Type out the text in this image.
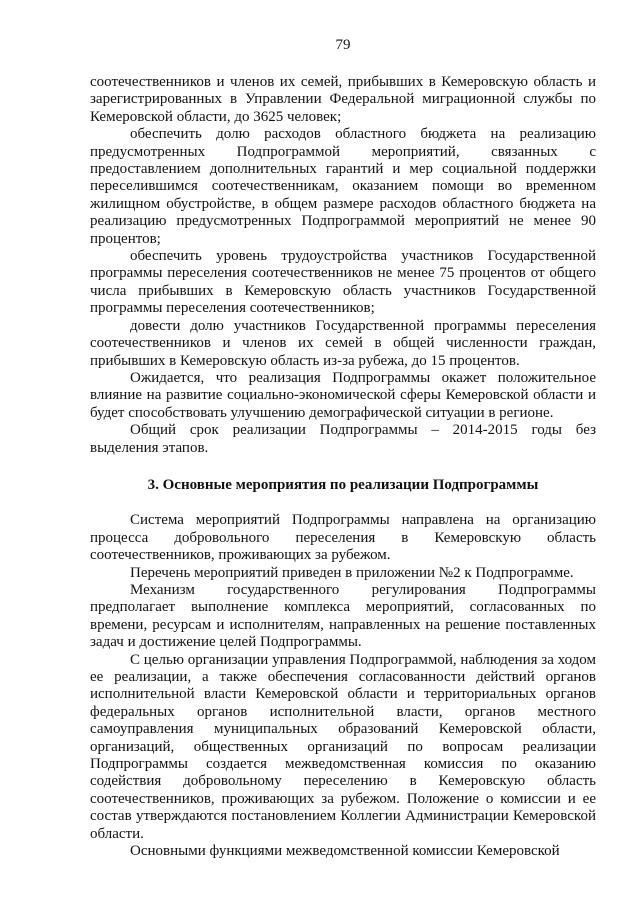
79

соотечественников и членов их семей, прибывших в Кемеровскую область и зарегистрированных в Управлении Федеральной миграционной службы по Кемеровской области, до 3625 человек;

обеспечить долю расходов областного бюджета на реализацию предусмотренных Подпрограммой мероприятий, связанных с предоставлением дополнительных гарантий и мер социальной поддержки переселившимся соотечественникам, оказанием помощи во временном жилищном обустройстве, в общем размере расходов областного бюджета на реализацию предусмотренных Подпрограммой мероприятий не менее 90 процентов;

обеспечить уровень трудоустройства участников Государственной программы переселения соотечественников не менее 75 процентов от общего числа прибывших в Кемеровскую область участников Государственной программы переселения соотечественников;

довести долю участников Государственной программы переселения соотечественников и членов их семей в общей численности граждан, прибывших в Кемеровскую область из-за рубежа, до 15 процентов.

Ожидается, что реализация Подпрограммы окажет положительное влияние на развитие социально-экономической сферы Кемеровской области и будет способствовать улучшению демографической ситуации в регионе.

Общий срок реализации Подпрограммы – 2014-2015 годы без выделения этапов.

3. Основные мероприятия по реализации Подпрограммы

Система мероприятий Подпрограммы направлена на организацию процесса добровольного переселения в Кемеровскую область соотечественников, проживающих за рубежом.

Перечень мероприятий приведен в приложении №2 к Подпрограмме.

Механизм государственного регулирования Подпрограммы предполагает выполнение комплекса мероприятий, согласованных по времени, ресурсам и исполнителям, направленных на решение поставленных задач и достижение целей Подпрограммы.

С целью организации управления Подпрограммой, наблюдения за ходом ее реализации, а также обеспечения согласованности действий органов исполнительной власти Кемеровской области и территориальных органов федеральных органов исполнительной власти, органов местного самоуправления муниципальных образований Кемеровской области, организаций, общественных организаций по вопросам реализации Подпрограммы создается межведомственная комиссия по оказанию содействия добровольному переселению в Кемеровскую область соотечественников, проживающих за рубежом. Положение о комиссии и ее состав утверждаются постановлением Коллегии Администрации Кемеровской области.

Основными функциями межведомственной комиссии Кемеровской
